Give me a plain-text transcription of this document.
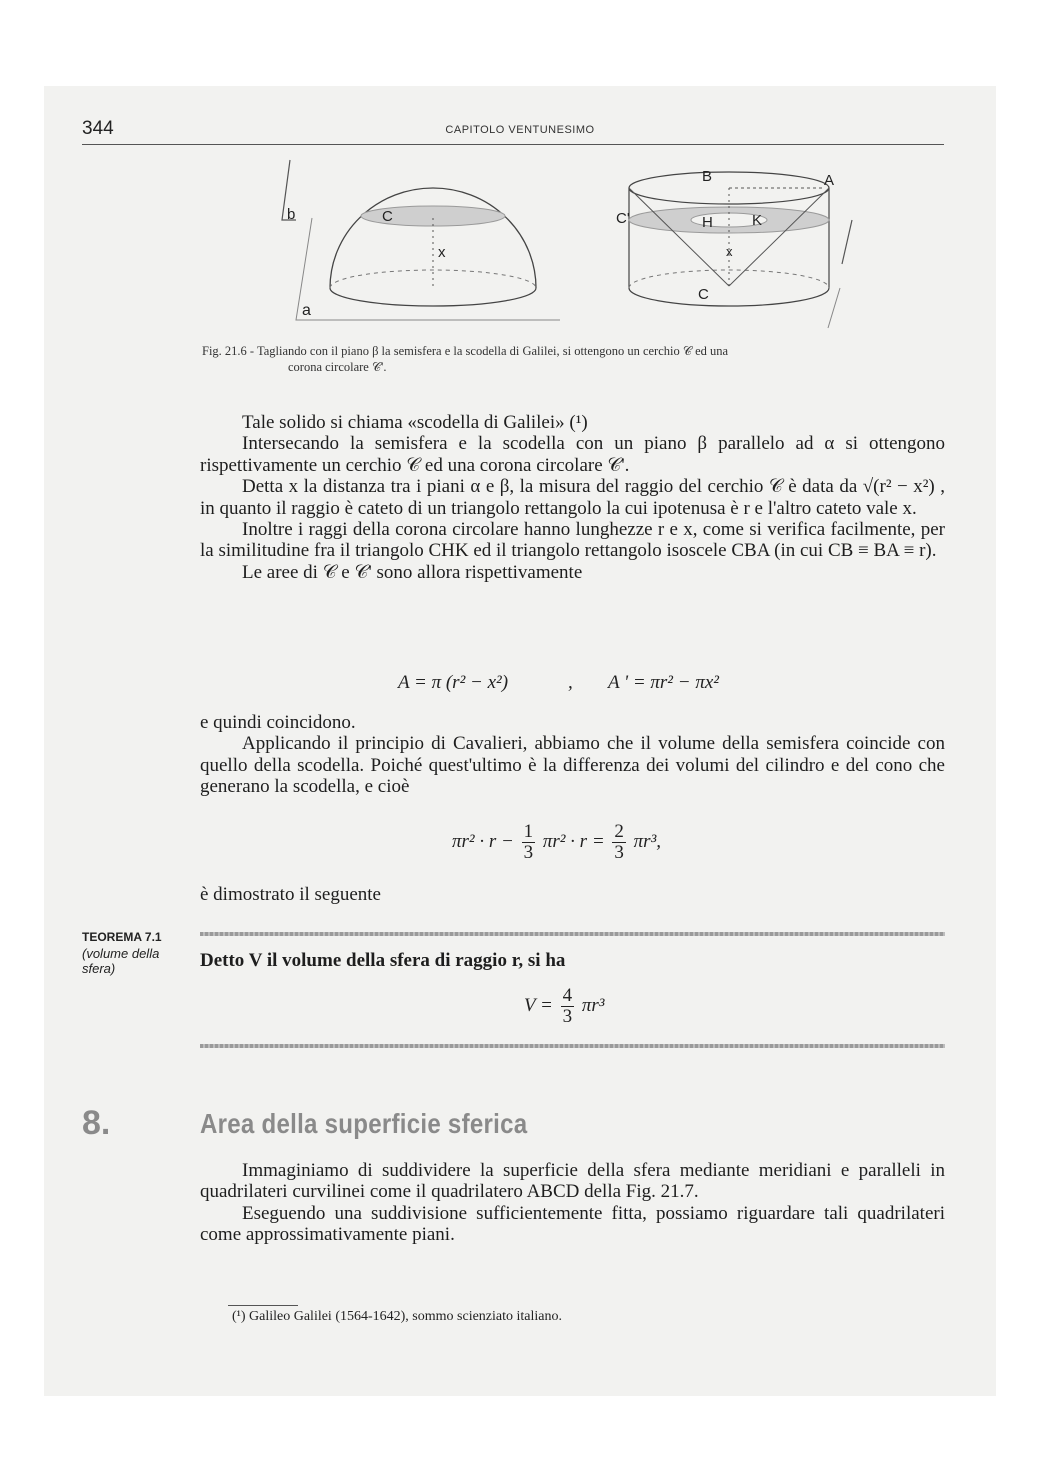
344	CAPITOLO VENTUNESIMO
b
a
C
x
B	A
C'	H	K
x
C
Fig. 21.6 - Tagliando con il piano β la semisfera e la scodella di Galilei, si ottengono un cerchio 𝒞 ed una
corona circolare 𝒞'.

Tale solido si chiama «scodella di Galilei» (¹)

Intersecando la semisfera e la scodella con un piano β parallelo ad α si ottengono rispettivamente un cerchio 𝒞 ed una corona circolare 𝒞'.

Detta x la distanza tra i piani α e β, la misura del raggio del cerchio 𝒞 è data da √(r² − x²) , in quanto il raggio è cateto di un triangolo rettangolo la cui ipotenusa è r e l'altro cateto vale x.

Inoltre i raggi della corona circolare hanno lunghezze r e x, come si verifica facilmente, per la similitudine fra il triangolo CHK ed il triangolo rettangolo isoscele CBA (in cui CB ≡ BA ≡ r).

Le aree di 𝒞 e 𝒞' sono allora rispettivamente

A = π (r² − x²)	, A ' = πr² − πx²

e quindi coincidono.

Applicando il principio di Cavalieri, abbiamo che il volume della semisfera coincide con quello della scodella. Poiché quest'ultimo è la differenza dei volumi del cilindro e del cono che generano la scodella, e cioè

$\pi r^2 \cdot r - \frac{1}{3} \pi r^2 \cdot r = \frac{2}{3} \pi r^3$,

è dimostrato il seguente

TEOREMA 7.1
(volume della sfera)	Detto V il volume della sfera di raggio r, si ha
$V = \frac{4}{3} \pi r^3$
8.	Area della superficie sferica

Immaginiamo di suddividere la superficie della sfera mediante meridiani e paralleli in quadrilateri curvilinei come il quadrilatero ABCD della Fig. 21.7.

Eseguendo una suddivisione sufficientemente fitta, possiamo riguardare tali quadrilateri come approssimativamente piani.

(¹) Galileo Galilei (1564-1642), sommo scienziato italiano.
